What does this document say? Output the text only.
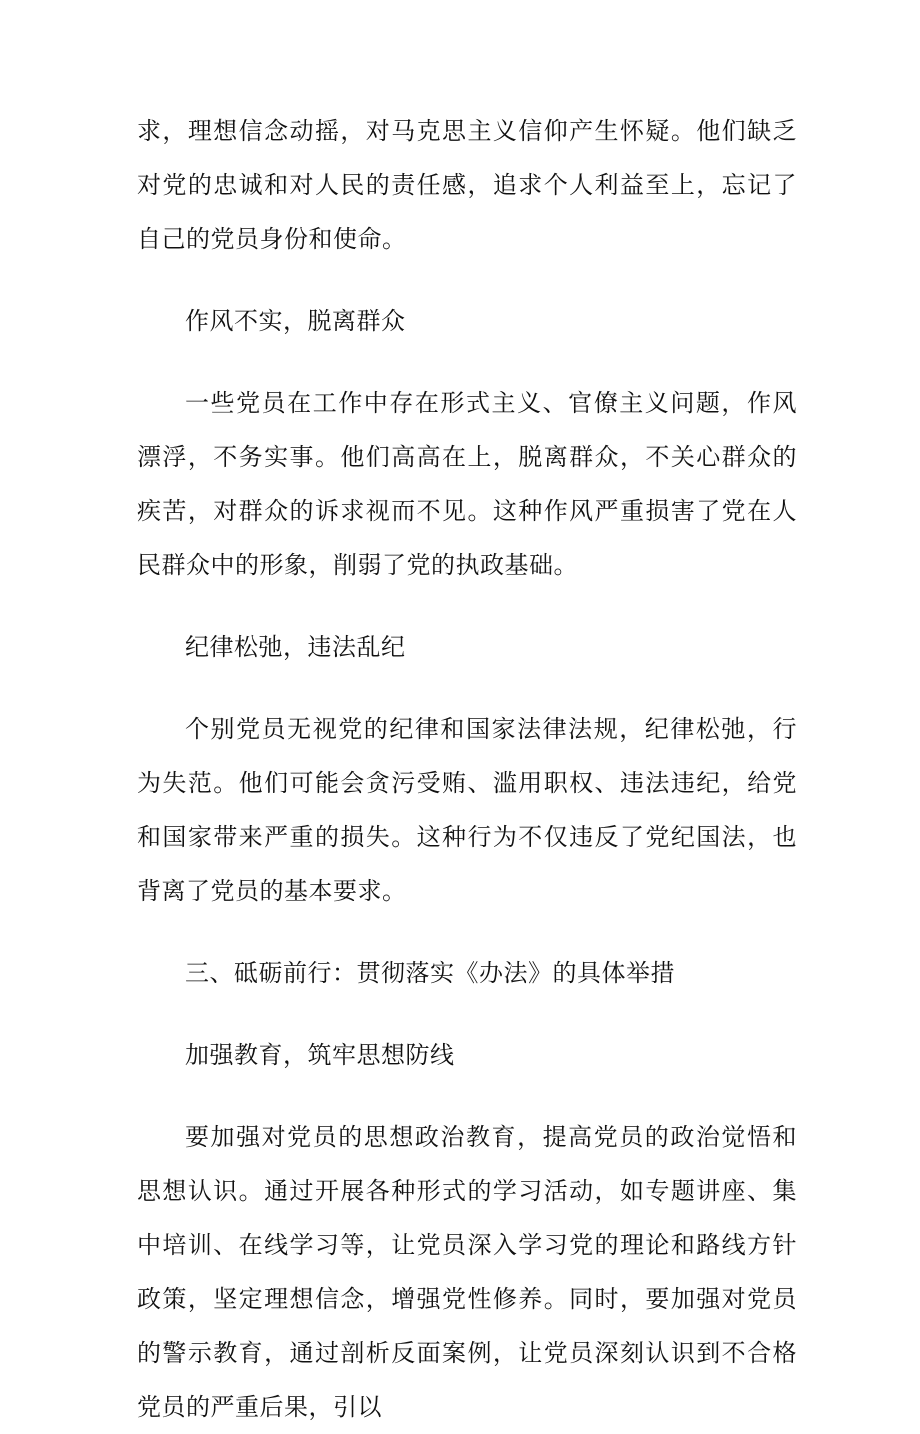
求，理想信念动摇，对马克思主义信仰产生怀疑。他们缺乏对党的忠诚和对人民的责任感，追求个人利益至上，忘记了自己的党员身份和使命。

作风不实，脱离群众

一些党员在工作中存在形式主义、官僚主义问题，作风漂浮，不务实事。他们高高在上，脱离群众，不关心群众的疾苦，对群众的诉求视而不见。这种作风严重损害了党在人民群众中的形象，削弱了党的执政基础。

纪律松弛，违法乱纪

个别党员无视党的纪律和国家法律法规，纪律松弛，行为失范。他们可能会贪污受贿、滥用职权、违法违纪，给党和国家带来严重的损失。这种行为不仅违反了党纪国法，也背离了党员的基本要求。

三、砥砺前行：贯彻落实《办法》的具体举措

加强教育，筑牢思想防线

要加强对党员的思想政治教育，提高党员的政治觉悟和思想认识。通过开展各种形式的学习活动，如专题讲座、集中培训、在线学习等，让党员深入学习党的理论和路线方针政策，坚定理想信念，增强党性修养。同时，要加强对党员的警示教育，通过剖析反面案例，让党员深刻认识到不合格党员的严重后果，引以
